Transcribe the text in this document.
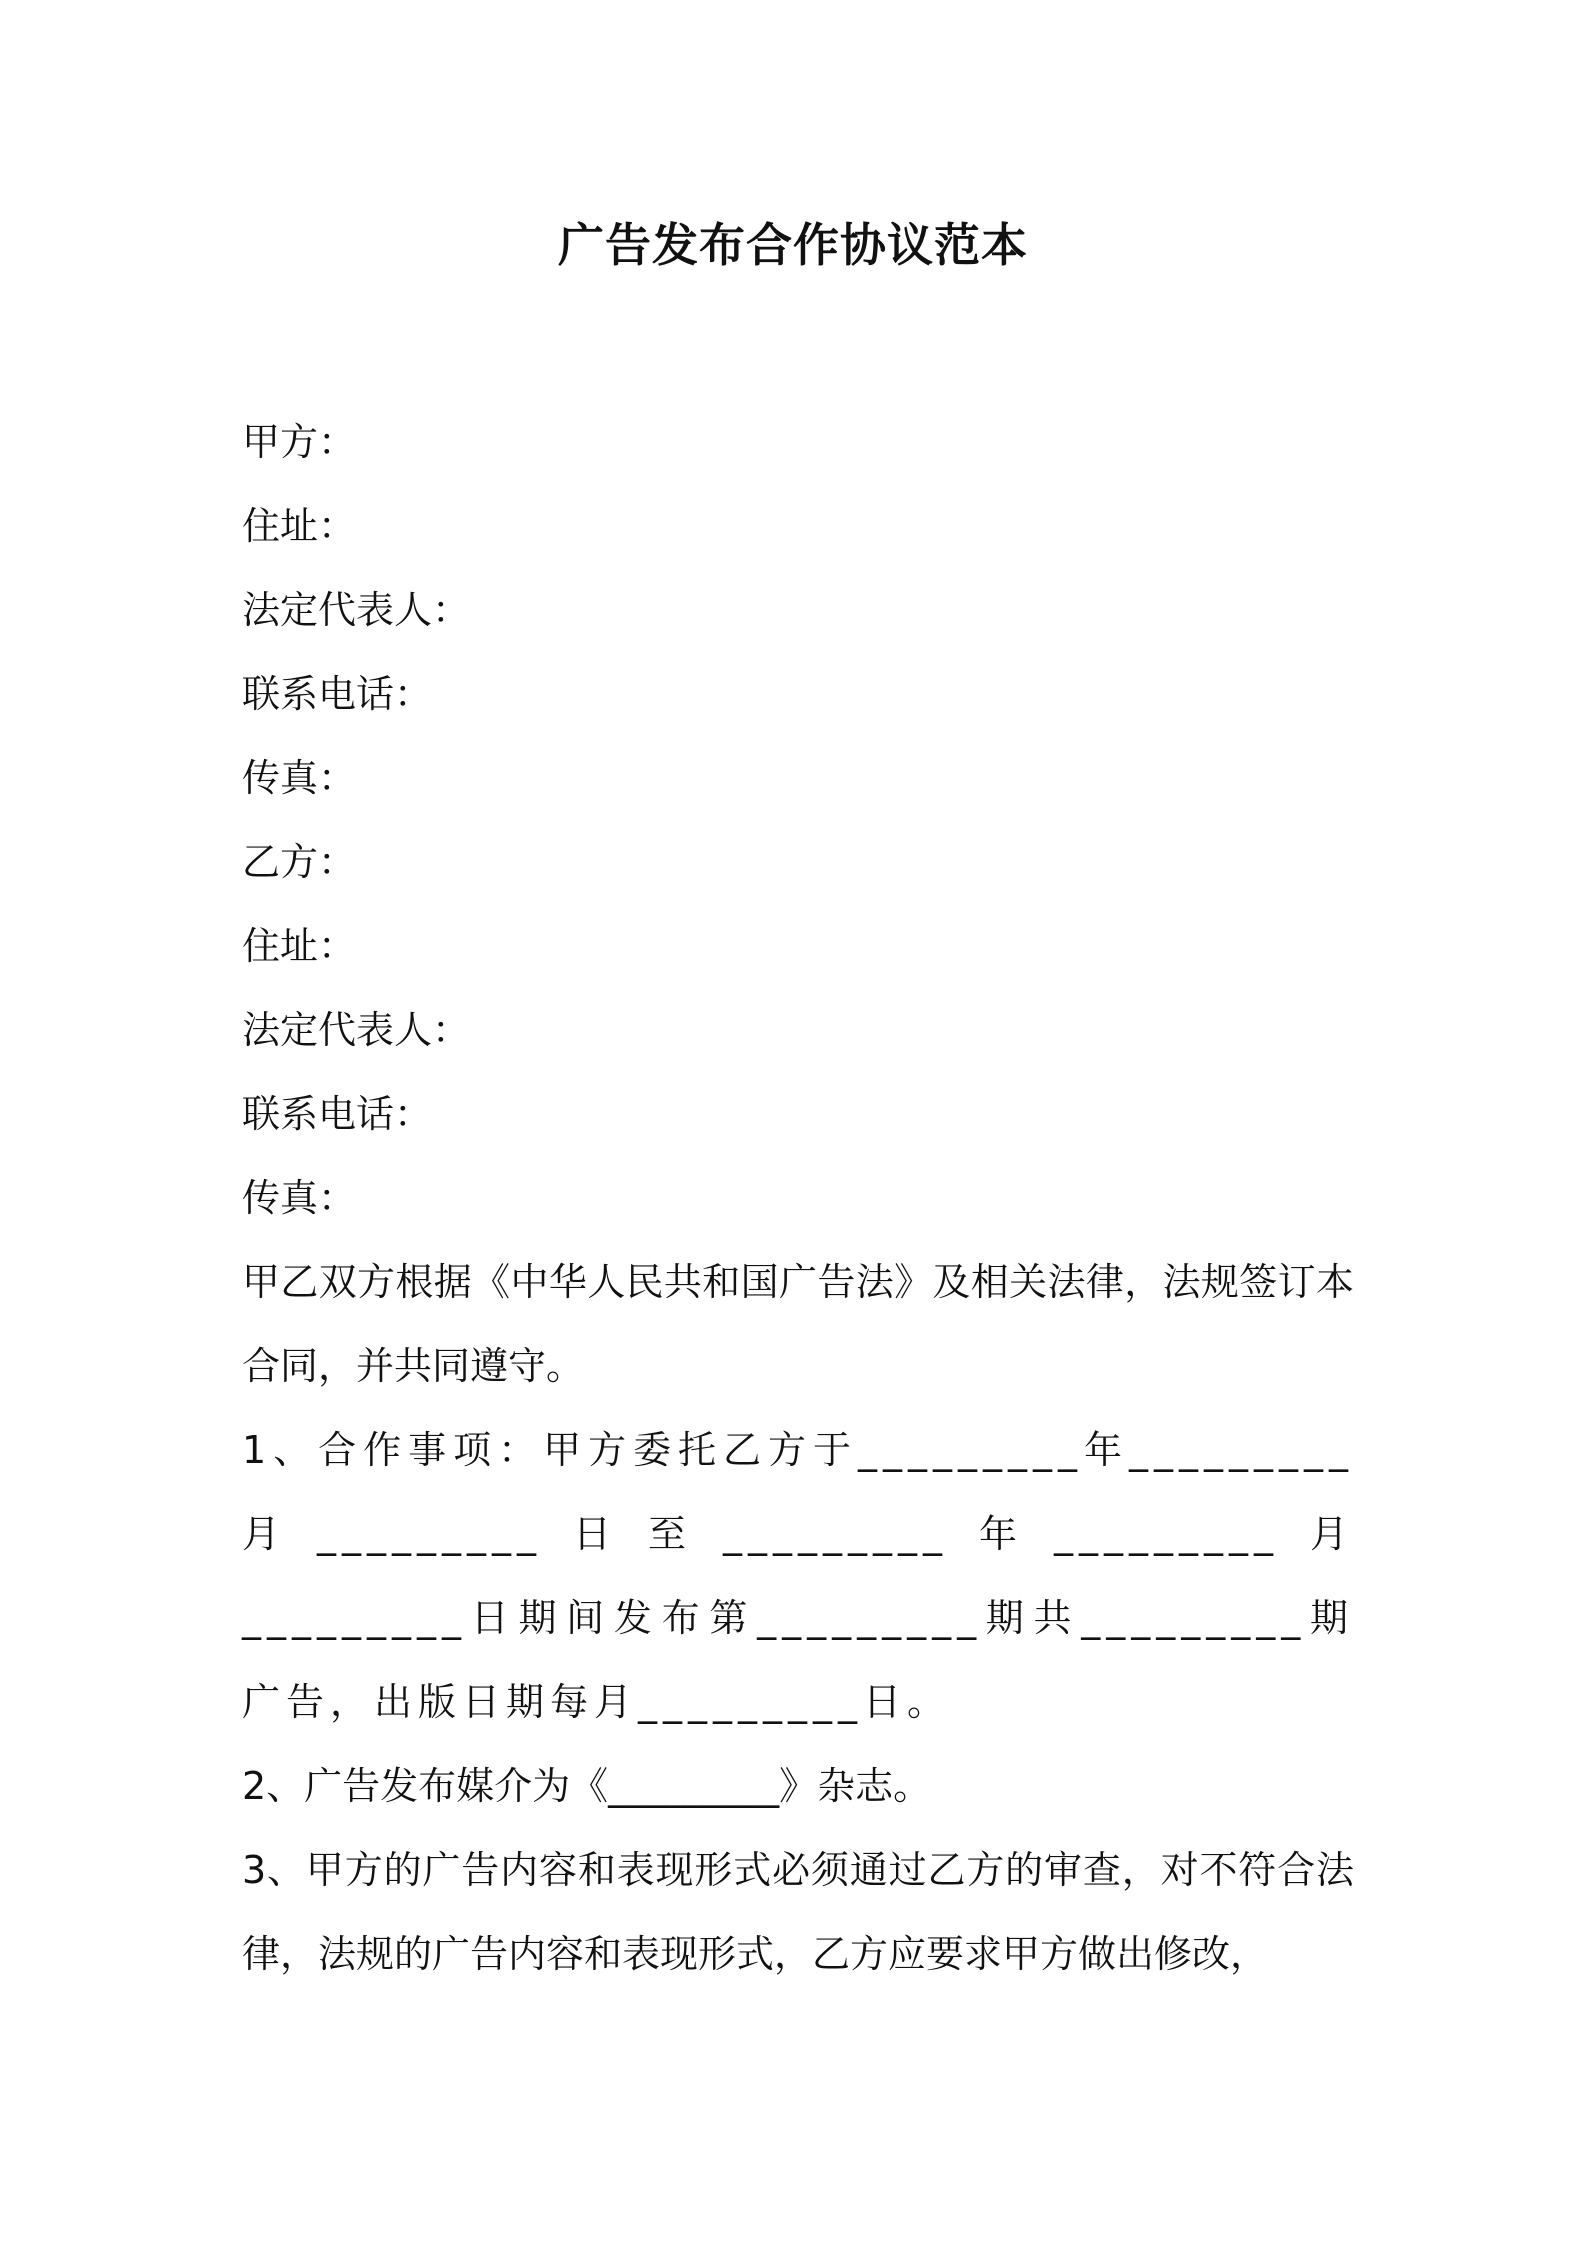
广告发布合作协议范本
甲方：
住址：
法定代表人：
联系电话：
传真：
乙方：
住址：
法定代表人：
联系电话：
传真：
甲乙双方根据《中华人民共和国广告法》及相关法律，法规签订本合同，并共同遵守。
1、合作事项：甲方委托乙方于_________年_________月_________日至_________年_________月_________日期间发布第_________期共_________期广告，出版日期每月_________日。
2、广告发布媒介为《_________》杂志。
3、甲方的广告内容和表现形式必须通过乙方的审查，对不符合法律，法规的广告内容和表现形式，乙方应要求甲方做出修改，
